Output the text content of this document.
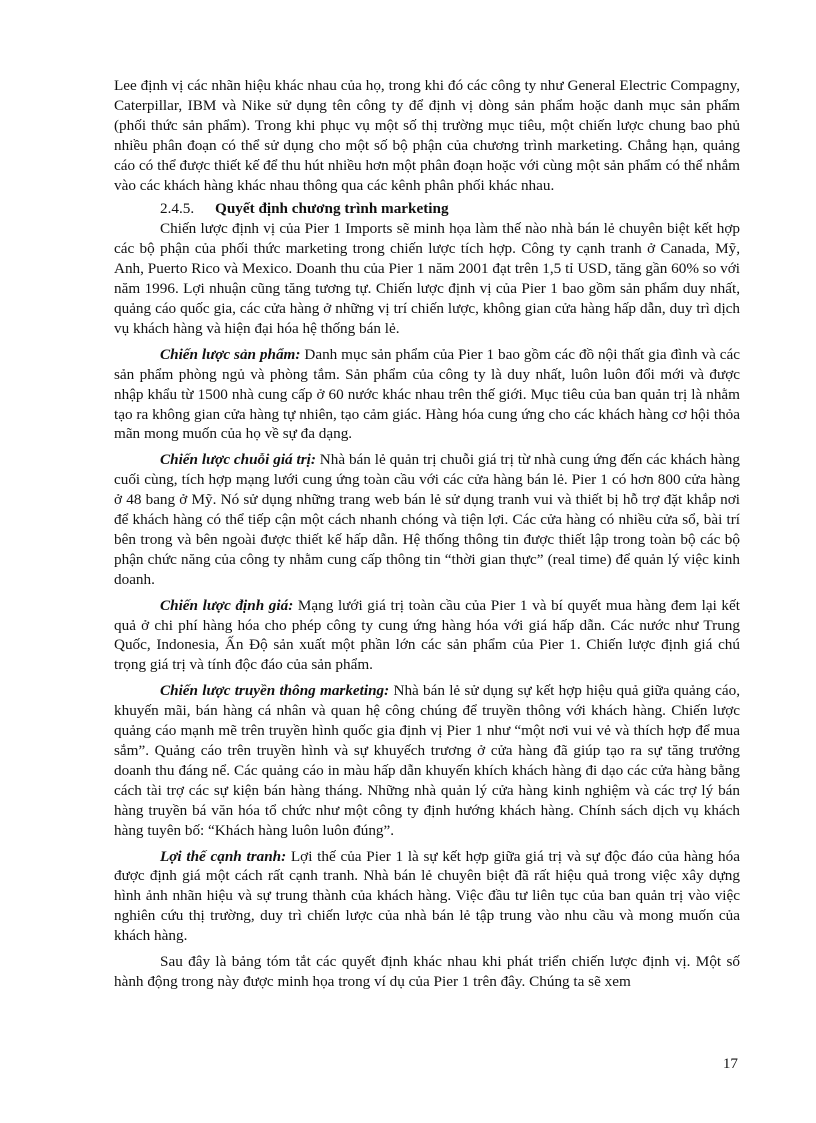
Lee định vị các nhãn hiệu khác nhau của họ, trong khi đó các công ty như General Electric Compagny, Caterpillar, IBM và Nike sử dụng tên công ty để định vị dòng sản phẩm hoặc danh mục sản phẩm (phối thức sản phẩm). Trong khi phục vụ một số thị trường mục tiêu, một chiến lược chung bao phủ nhiều phân đoạn có thể sử dụng cho một số bộ phận của chương trình marketing. Chẳng hạn, quảng cáo có thể được thiết kế để thu hút nhiều hơn một phân đoạn hoặc với cùng một sản phẩm có thể nhắm vào các khách hàng khác nhau thông qua các kênh phân phối khác nhau.

2.4.5. Quyết định chương trình marketing

Chiến lược định vị của Pier 1 Imports sẽ minh họa làm thế nào nhà bán lẻ chuyên biệt kết hợp các bộ phận của phối thức marketing trong chiến lược tích hợp. Công ty cạnh tranh ở Canada, Mỹ, Anh, Puerto Rico và Mexico. Doanh thu của Pier 1 năm 2001 đạt trên 1,5 tỉ USD, tăng gần 60% so với năm 1996. Lợi nhuận cũng tăng tương tự. Chiến lược định vị của Pier 1 bao gồm sản phẩm duy nhất, quảng cáo quốc gia, các cửa hàng ở những vị trí chiến lược, không gian cửa hàng hấp dẫn, duy trì dịch vụ khách hàng và hiện đại hóa hệ thống bán lẻ.

Chiến lược sản phẩm: Danh mục sản phẩm của Pier 1 bao gồm các đồ nội thất gia đình và các sản phẩm phòng ngủ và phòng tắm. Sản phẩm của công ty là duy nhất, luôn luôn đổi mới và được nhập khẩu từ 1500 nhà cung cấp ở 60 nước khác nhau trên thế giới. Mục tiêu của ban quản trị là nhằm tạo ra không gian cửa hàng tự nhiên, tạo cảm giác. Hàng hóa cung ứng cho các khách hàng cơ hội thỏa mãn mong muốn của họ về sự đa dạng.

Chiến lược chuỗi giá trị: Nhà bán lẻ quản trị chuỗi giá trị từ nhà cung ứng đến các khách hàng cuối cùng, tích hợp mạng lưới cung ứng toàn cầu với các cửa hàng bán lẻ. Pier 1 có hơn 800 cửa hàng ở 48 bang ở Mỹ. Nó sử dụng những trang web bán lẻ sử dụng tranh vui và thiết bị hỗ trợ đặt khắp nơi để khách hàng có thể tiếp cận một cách nhanh chóng và tiện lợi. Các cửa hàng có nhiều cửa sổ, bài trí bên trong và bên ngoài được thiết kế hấp dẫn. Hệ thống thông tin được thiết lập trong toàn bộ các bộ phận chức năng của công ty nhằm cung cấp thông tin “thời gian thực” (real time) để quản lý việc kinh doanh.

Chiến lược định giá: Mạng lưới giá trị toàn cầu của Pier 1 và bí quyết mua hàng đem lại kết quả ở chi phí hàng hóa cho phép công ty cung ứng hàng hóa với giá hấp dẫn. Các nước như Trung Quốc, Indonesia, Ấn Độ sản xuất một phần lớn các sản phẩm của Pier 1. Chiến lược định giá chú trọng giá trị và tính độc đáo của sản phẩm.

Chiến lược truyền thông marketing: Nhà bán lẻ sử dụng sự kết hợp hiệu quả giữa quảng cáo, khuyến mãi, bán hàng cá nhân và quan hệ công chúng để truyền thông với khách hàng. Chiến lược quảng cáo mạnh mẽ trên truyền hình quốc gia định vị Pier 1 như “một nơi vui vẻ và thích hợp để mua sắm”. Quảng cáo trên truyền hình và sự khuyếch trương ở cửa hàng đã giúp tạo ra sự tăng trưởng doanh thu đáng nể. Các quảng cáo in màu hấp dẫn khuyến khích khách hàng đi dạo các cửa hàng bằng cách tài trợ các sự kiện bán hàng tháng. Những nhà quản lý cửa hàng kinh nghiệm và các trợ lý bán hàng truyền bá văn hóa tổ chức như một công ty định hướng khách hàng. Chính sách dịch vụ khách hàng tuyên bố: “Khách hàng luôn luôn đúng”.

Lợi thế cạnh tranh: Lợi thế của Pier 1 là sự kết hợp giữa giá trị và sự độc đáo của hàng hóa được định giá một cách rất cạnh tranh. Nhà bán lẻ chuyên biệt đã rất hiệu quả trong việc xây dựng hình ảnh nhãn hiệu và sự trung thành của khách hàng. Việc đầu tư liên tục của ban quản trị vào việc nghiên cứu thị trường, duy trì chiến lược của nhà bán lẻ tập trung vào nhu cầu và mong muốn của khách hàng.

Sau đây là bảng tóm tắt các quyết định khác nhau khi phát triển chiến lược định vị. Một số hành động trong này được minh họa trong ví dụ của Pier 1 trên đây. Chúng ta sẽ xem

17
